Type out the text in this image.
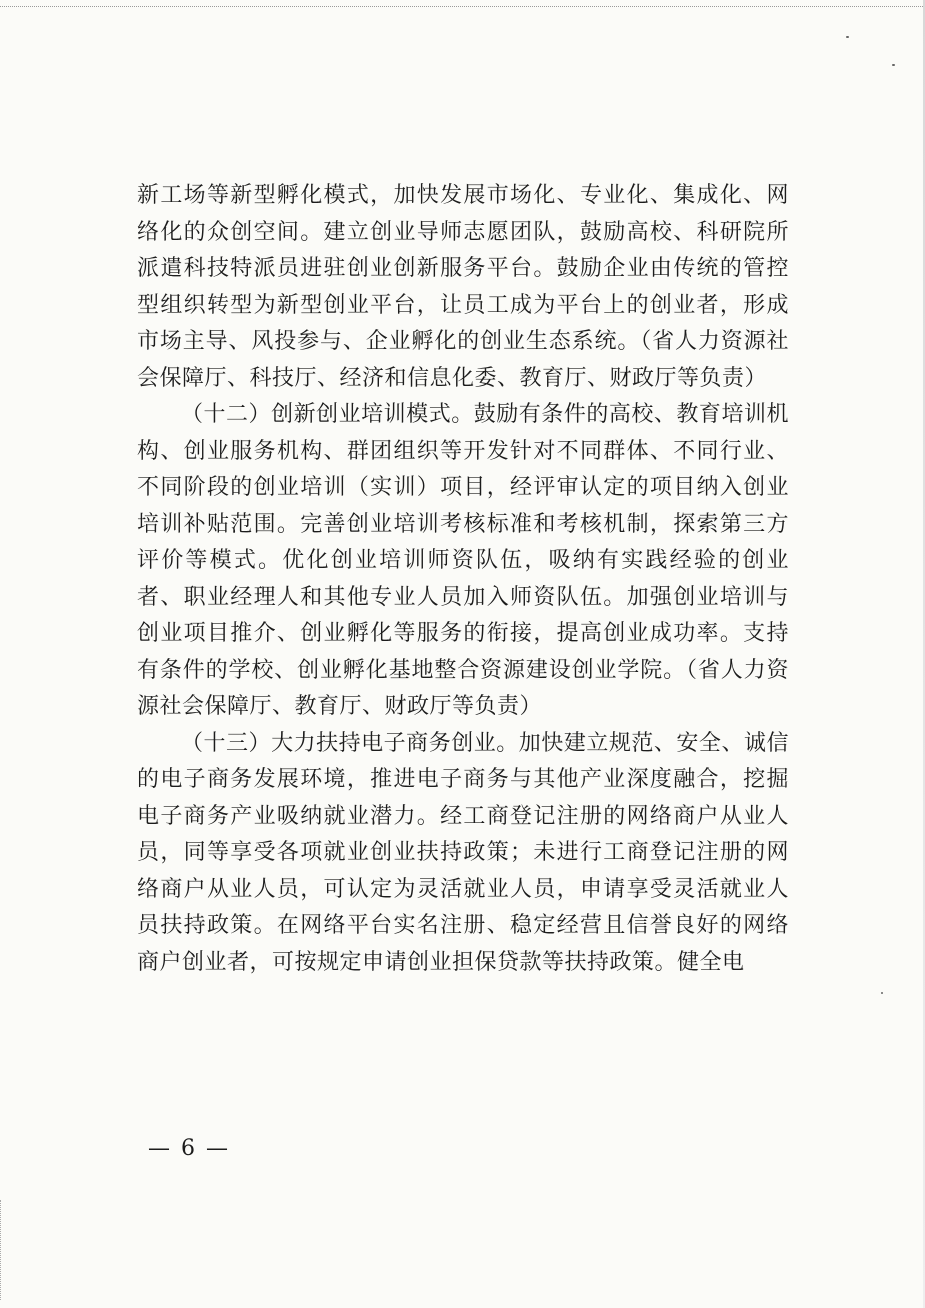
新工场等新型孵化模式，加快发展市场化、专业化、集成化、网络化的众创空间。建立创业导师志愿团队，鼓励高校、科研院所派遣科技特派员进驻创业创新服务平台。鼓励企业由传统的管控型组织转型为新型创业平台，让员工成为平台上的创业者，形成市场主导、风投参与、企业孵化的创业生态系统。（省人力资源社会保障厅、科技厅、经济和信息化委、教育厅、财政厅等负责）

（十二）创新创业培训模式。鼓励有条件的高校、教育培训机构、创业服务机构、群团组织等开发针对不同群体、不同行业、不同阶段的创业培训（实训）项目，经评审认定的项目纳入创业培训补贴范围。完善创业培训考核标准和考核机制，探索第三方评价等模式。优化创业培训师资队伍，吸纳有实践经验的创业者、职业经理人和其他专业人员加入师资队伍。加强创业培训与创业项目推介、创业孵化等服务的衔接，提高创业成功率。支持有条件的学校、创业孵化基地整合资源建设创业学院。（省人力资源社会保障厅、教育厅、财政厅等负责）

（十三）大力扶持电子商务创业。加快建立规范、安全、诚信的电子商务发展环境，推进电子商务与其他产业深度融合，挖掘电子商务产业吸纳就业潜力。经工商登记注册的网络商户从业人员，同等享受各项就业创业扶持政策；未进行工商登记注册的网络商户从业人员，可认定为灵活就业人员，申请享受灵活就业人员扶持政策。在网络平台实名注册、稳定经营且信誉良好的网络商户创业者，可按规定申请创业担保贷款等扶持政策。健全电

— 6 —
